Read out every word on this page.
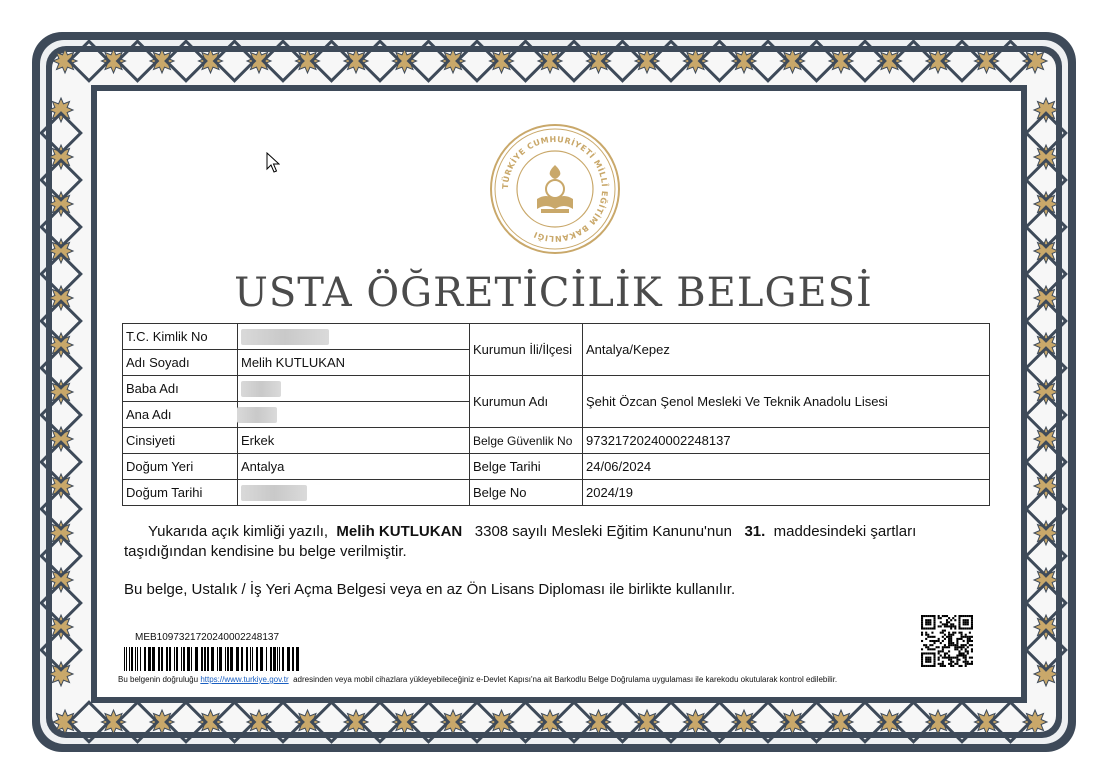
TÜRKİYE CUMHURİYETİ MİLLÎ EĞİTİM BAKANLIĞI
USTA ÖĞRETİCİLİK BELGESİ
T.C. Kimlik No		Kurumun İli/İlçesi	Antalya/Kepez
Adı Soyadı	Melih KUTLUKAN		
Baba Adı		Kurumun Adı	Şehit Özcan Şenol Mesleki Ve Teknik Anadolu Lisesi
Ana Adı			
Cinsiyeti	Erkek	Belge Güvenlik No	97321720240002248137
Doğum Yeri	Antalya	Belge Tarihi	24/06/2024
Doğum Tarihi		Belge No	2024/19
Yukarıda açık kimliği yazılı, Melih KUTLUKAN 3308 sayılı Mesleki Eğitim Kanunu'nun 31. maddesindeki şartları
taşıdığından kendisine bu belge verilmiştir.
Bu belge, Ustalık / İş Yeri Açma Belgesi veya en az Ön Lisans Diploması ile birlikte kullanılır.
MEB10973217202400022481​37
Bu belgenin doğruluğu https://www.turkiye.gov.tr adresinden veya mobil cihazlara yükleyebileceğiniz e-Devlet Kapısı'na ait Barkodlu Belge Doğrulama uygulaması ile karekodu okutularak kontrol edilebilir.
